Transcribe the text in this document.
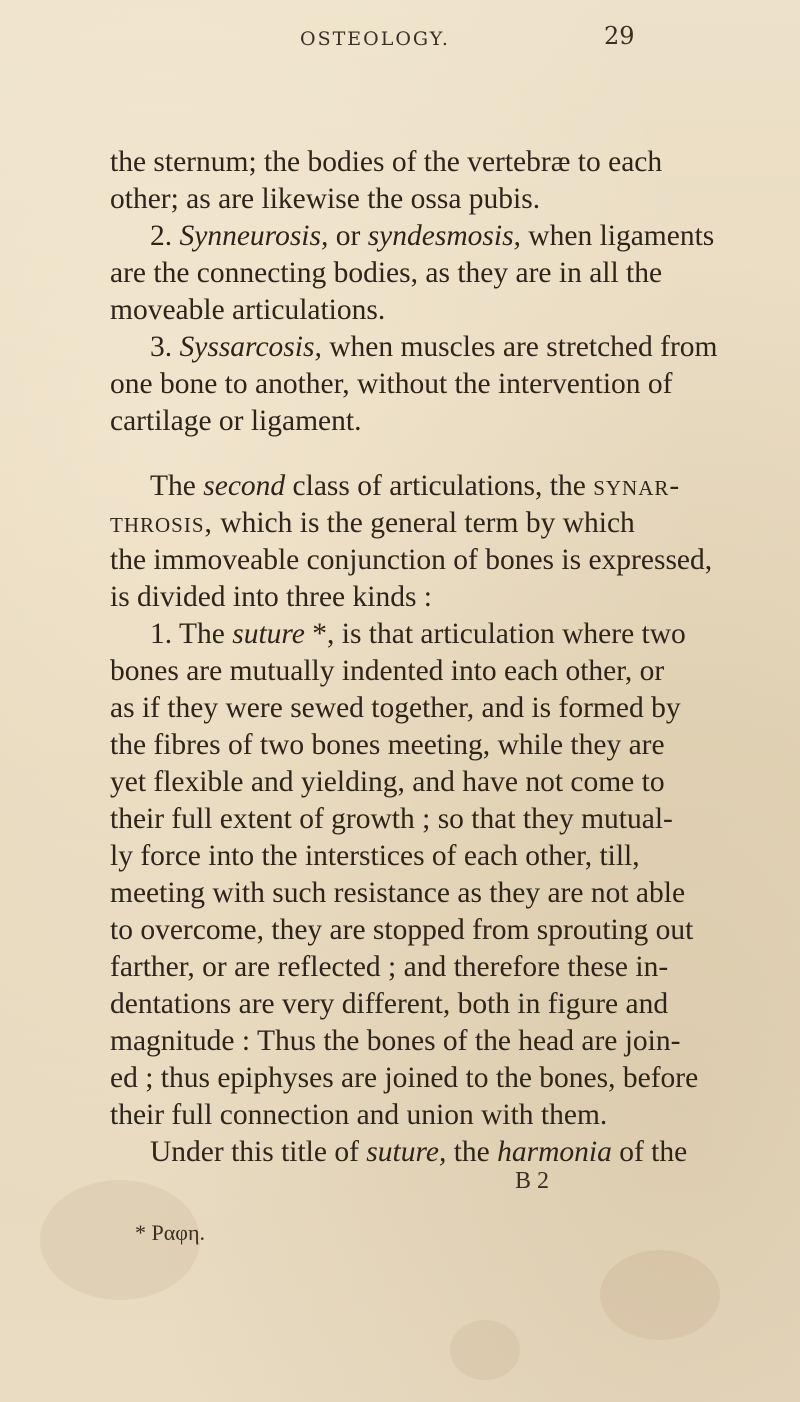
OSTEOLOGY.	29
the sternum; the bodies of the vertebræ to each
other; as are likewise the ossa pubis.
2. Synneurosis, or syndesmosis, when ligaments
are the connecting bodies, as they are in all the
moveable articulations.
3. Syssarcosis, when muscles are stretched from
one bone to another, without the intervention of
cartilage or ligament.
The second class of articulations, the synar-
throsis, which is the general term by which
the immoveable conjunction of bones is expressed,
is divided into three kinds :
1. The suture *, is that articulation where two
bones are mutually indented into each other, or
as if they were sewed together, and is formed by
the fibres of two bones meeting, while they are
yet flexible and yielding, and have not come to
their full extent of growth ; so that they mutual-
ly force into the interstices of each other, till,
meeting with such resistance as they are not able
to overcome, they are stopped from sprouting out
farther, or are reflected ; and therefore these in-
dentations are very different, both in figure and
magnitude : Thus the bones of the head are join-
ed ; thus epiphyses are joined to the bones, before
their full connection and union with them.
Under this title of suture, the harmonia of the
B 2
* Ραφη.
